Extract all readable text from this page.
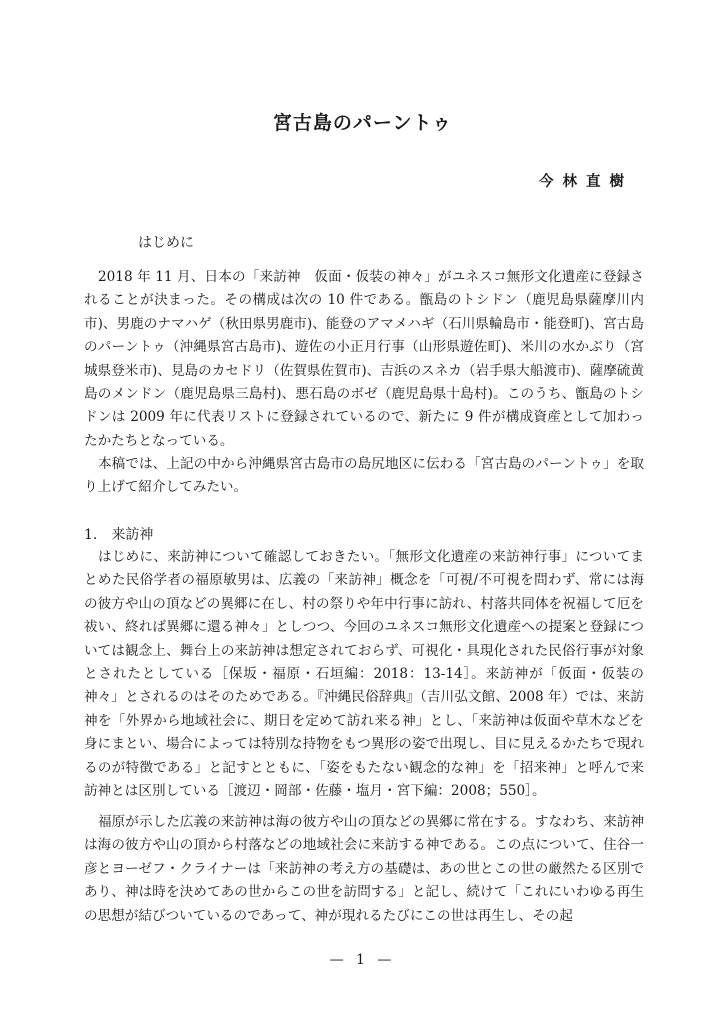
宮古島のパーントゥ
今林直樹
はじめに

2018 年 11 月、日本の「来訪神　仮面・仮装の神々」がユネスコ無形文化遺産に登録されることが決まった。その構成は次の 10 件である。甑島のトシドン（鹿児島県薩摩川内市)、男鹿のナマハゲ（秋田県男鹿市)、能登のアマメハギ（石川県輪島市・能登町)、宮古島のパーントゥ（沖縄県宮古島市)、遊佐の小正月行事（山形県遊佐町)、米川の水かぶり（宮城県登米市)、見島のカセドリ（佐賀県佐賀市)、吉浜のスネカ（岩手県大船渡市)、薩摩硫黄島のメンドン（鹿児島県三島村)、悪石島のボゼ（鹿児島県十島村)。このうち、甑島のトシドンは 2009 年に代表リストに登録されているので、新たに 9 件が構成資産として加わったかたちとなっている。

本稿では、上記の中から沖縄県宮古島市の島尻地区に伝わる「宮古島のパーントゥ」を取り上げて紹介してみたい。

1.　来訪神

はじめに、来訪神について確認しておきたい。「無形文化遺産の来訪神行事」についてまとめた民俗学者の福原敏男は、広義の「来訪神」概念を「可視/不可視を問わず、常には海の彼方や山の頂などの異郷に在し、村の祭りや年中行事に訪れ、村落共同体を祝福して厄を祓い、終れば異郷に還る神々」としつつ、今回のユネスコ無形文化遺産への提案と登録については観念上、舞台上の来訪神は想定されておらず、可視化・具現化された民俗行事が対象とされたとしている［保坂・福原・石垣編：2018：13-14］。来訪神が「仮面・仮装の神々」とされるのはそのためである。『沖縄民俗辞典』（吉川弘文館、2008 年）では、来訪神を「外界から地域社会に、期日を定めて訪れ来る神」とし、「来訪神は仮面や草木などを身にまとい、場合によっては特別な持物をもつ異形の姿で出現し、目に見えるかたちで現れるのが特徴である」と記すとともに、「姿をもたない観念的な神」を「招来神」と呼んで来訪神とは区別している［渡辺・岡部・佐藤・塩月・宮下編：2008；550］。

福原が示した広義の来訪神は海の彼方や山の頂などの異郷に常在する。すなわち、来訪神は海の彼方や山の頂から村落などの地域社会に来訪する神である。この点について、住谷一彦とヨーゼフ・クライナーは「来訪神の考え方の基礎は、あの世とこの世の厳然たる区別であり、神は時を決めてあの世からこの世を訪問する」と記し、続けて「これにいわゆる再生の思想が結びついているのであって、神が現れるたびにこの世は再生し、その起

— 1 —
